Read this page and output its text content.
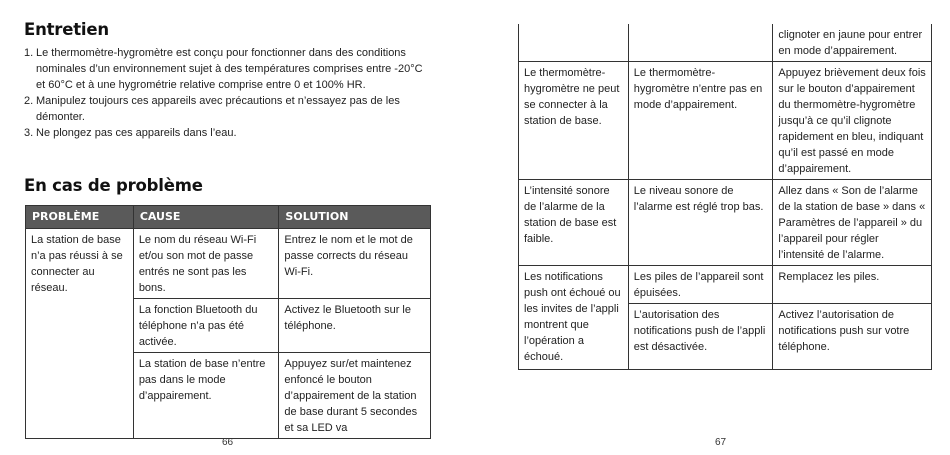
Entretien
1. Le thermomètre-hygromètre est conçu pour fonctionner dans des conditions nominales d’un environnement sujet à des températures comprises entre -20°C et 60°C et à une hygrométrie relative comprise entre 0 et 100% HR.
2. Manipulez toujours ces appareils avec précautions et n’essayez pas de les démonter.
3. Ne plongez pas ces appareils dans l’eau.
En cas de problème
PROBLÈME	CAUSE	SOLUTION
La station de base n’a pas réussi à se connecter au réseau.	Le nom du réseau Wi-Fi et/ou son mot de passe entrés ne sont pas les bons.	Entrez le nom et le mot de passe corrects du réseau Wi-Fi.
	La fonction Bluetooth du téléphone n’a pas été activée.	Activez le Bluetooth sur le téléphone.
	La station de base n’entre pas dans le mode d’appairement.	Appuyez sur/et maintenez enfoncé le bouton d’appairement de la station de base durant 5 secondes et sa LED va
66
		clignoter en jaune pour entrer en mode d’appairement.
Le thermomètre-hygromètre ne peut se connecter à la station de base.	Le thermomètre-hygromètre n’entre pas en mode d’appairement.	Appuyez brièvement deux fois sur le bouton d’appairement du thermomètre-hygromètre jusqu’à ce qu’il clignote rapidement en bleu, indiquant qu’il est passé en mode d’appairement.
L’intensité sonore de l’alarme de la station de base est faible.	Le niveau sonore de l’alarme est réglé trop bas.	Allez dans « Son de l’alarme de la station de base » dans « Paramètres de l’appareil » du l’appareil pour régler l’intensité de l’alarme.
Les notifications push ont échoué ou les invites de l’appli montrent que l’opération a échoué.	Les piles de l’appareil sont épuisées.	Remplacez les piles.
	L’autorisation des notifications push de l’appli est désactivée.	Activez l’autorisation de notifications push sur votre téléphone.
67
